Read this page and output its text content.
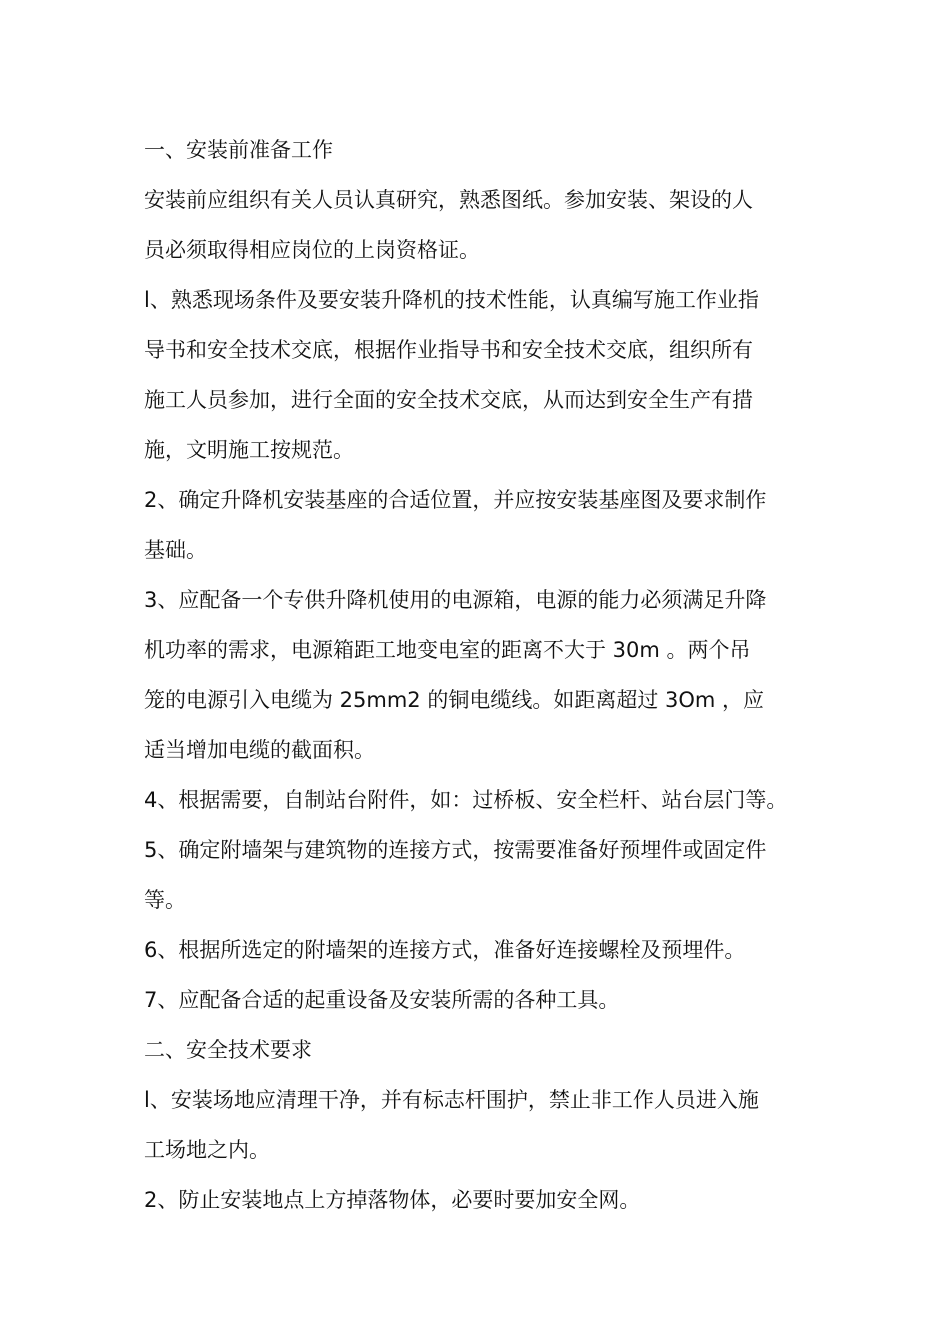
一、安装前准备工作
安装前应组织有关人员认真研究，熟悉图纸。参加安装、架设的人
员必须取得相应岗位的上岗资格证。
l、熟悉现场条件及要安装升降机的技术性能，认真编写施工作业指
导书和安全技术交底，根据作业指导书和安全技术交底，组织所有
施工人员参加，进行全面的安全技术交底，从而达到安全生产有措
施，文明施工按规范。
2、确定升降机安装基座的合适位置，并应按安装基座图及要求制作
基础。
3、应配备一个专供升降机使用的电源箱，电源的能力必须满足升降
机功率的需求，电源箱距工地变电室的距离不大于 30m 。两个吊
笼的电源引入电缆为 25mm2 的铜电缆线。如距离超过 3Om ，应
适当增加电缆的截面积。
4、根据需要，自制站台附件，如：过桥板、安全栏杆、站台层门等。
5、确定附墙架与建筑物的连接方式，按需要准备好预埋件或固定件
等。
6、根据所选定的附墙架的连接方式，准备好连接螺栓及预埋件。
7、应配备合适的起重设备及安装所需的各种工具。
二、安全技术要求
l、安装场地应清理干净，并有标志杆围护，禁止非工作人员进入施
工场地之内。
2、防止安装地点上方掉落物体，必要时要加安全网。
